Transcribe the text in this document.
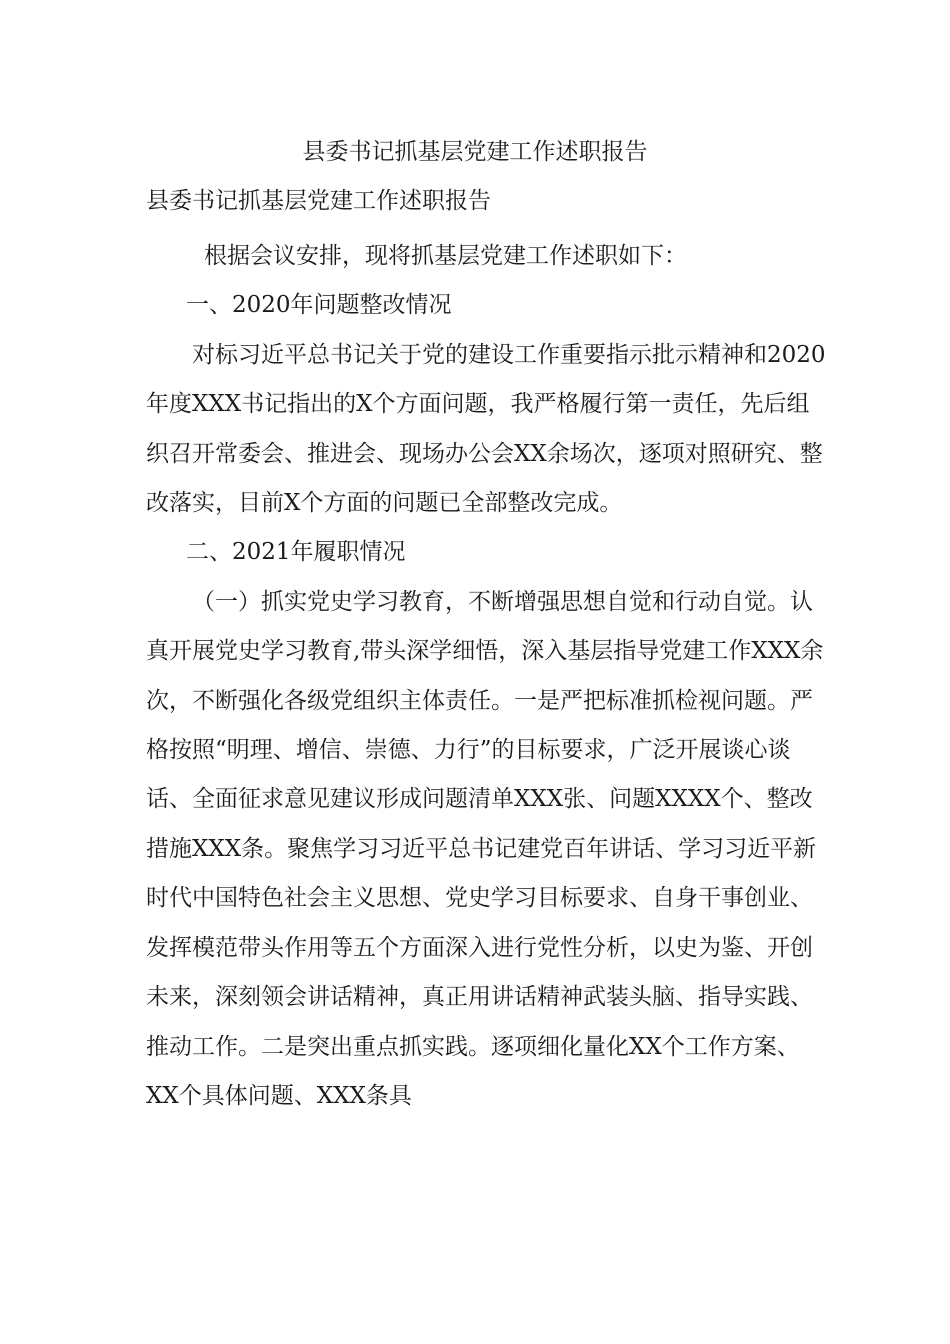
县委书记抓基层党建工作述职报告
县委书记抓基层党建工作述职报告

根据会议安排，现将抓基层党建工作述职如下：

一、2020年问题整改情况

对标习近平总书记关于党的建设工作重要指示批示精神和2020年度XXX书记指出的X个方面问题，我严格履行第一责任，先后组织召开常委会、推进会、现场办公会XX余场次，逐项对照研究、整改落实，目前X个方面的问题已全部整改完成。

二、2021年履职情况

（一）抓实党史学习教育，不断增强思想自觉和行动自觉。认真开展党史学习教育,带头深学细悟，深入基层指导党建工作XXX余次，不断强化各级党组织主体责任。一是严把标准抓检视问题。严格按照“明理、增信、崇德、力行”的目标要求，广泛开展谈心谈话、全面征求意见建议形成问题清单XXX张、问题XXXX个、整改措施XXX条。聚焦学习习近平总书记建党百年讲话、学习习近平新时代中国特色社会主义思想、党史学习目标要求、自身干事创业、发挥模范带头作用等五个方面深入进行党性分析，以史为鉴、开创未来，深刻领会讲话精神，真正用讲话精神武装头脑、指导实践、推动工作。二是突出重点抓实践。逐项细化量化XX个工作方案、XX个具体问题、XXX条具
